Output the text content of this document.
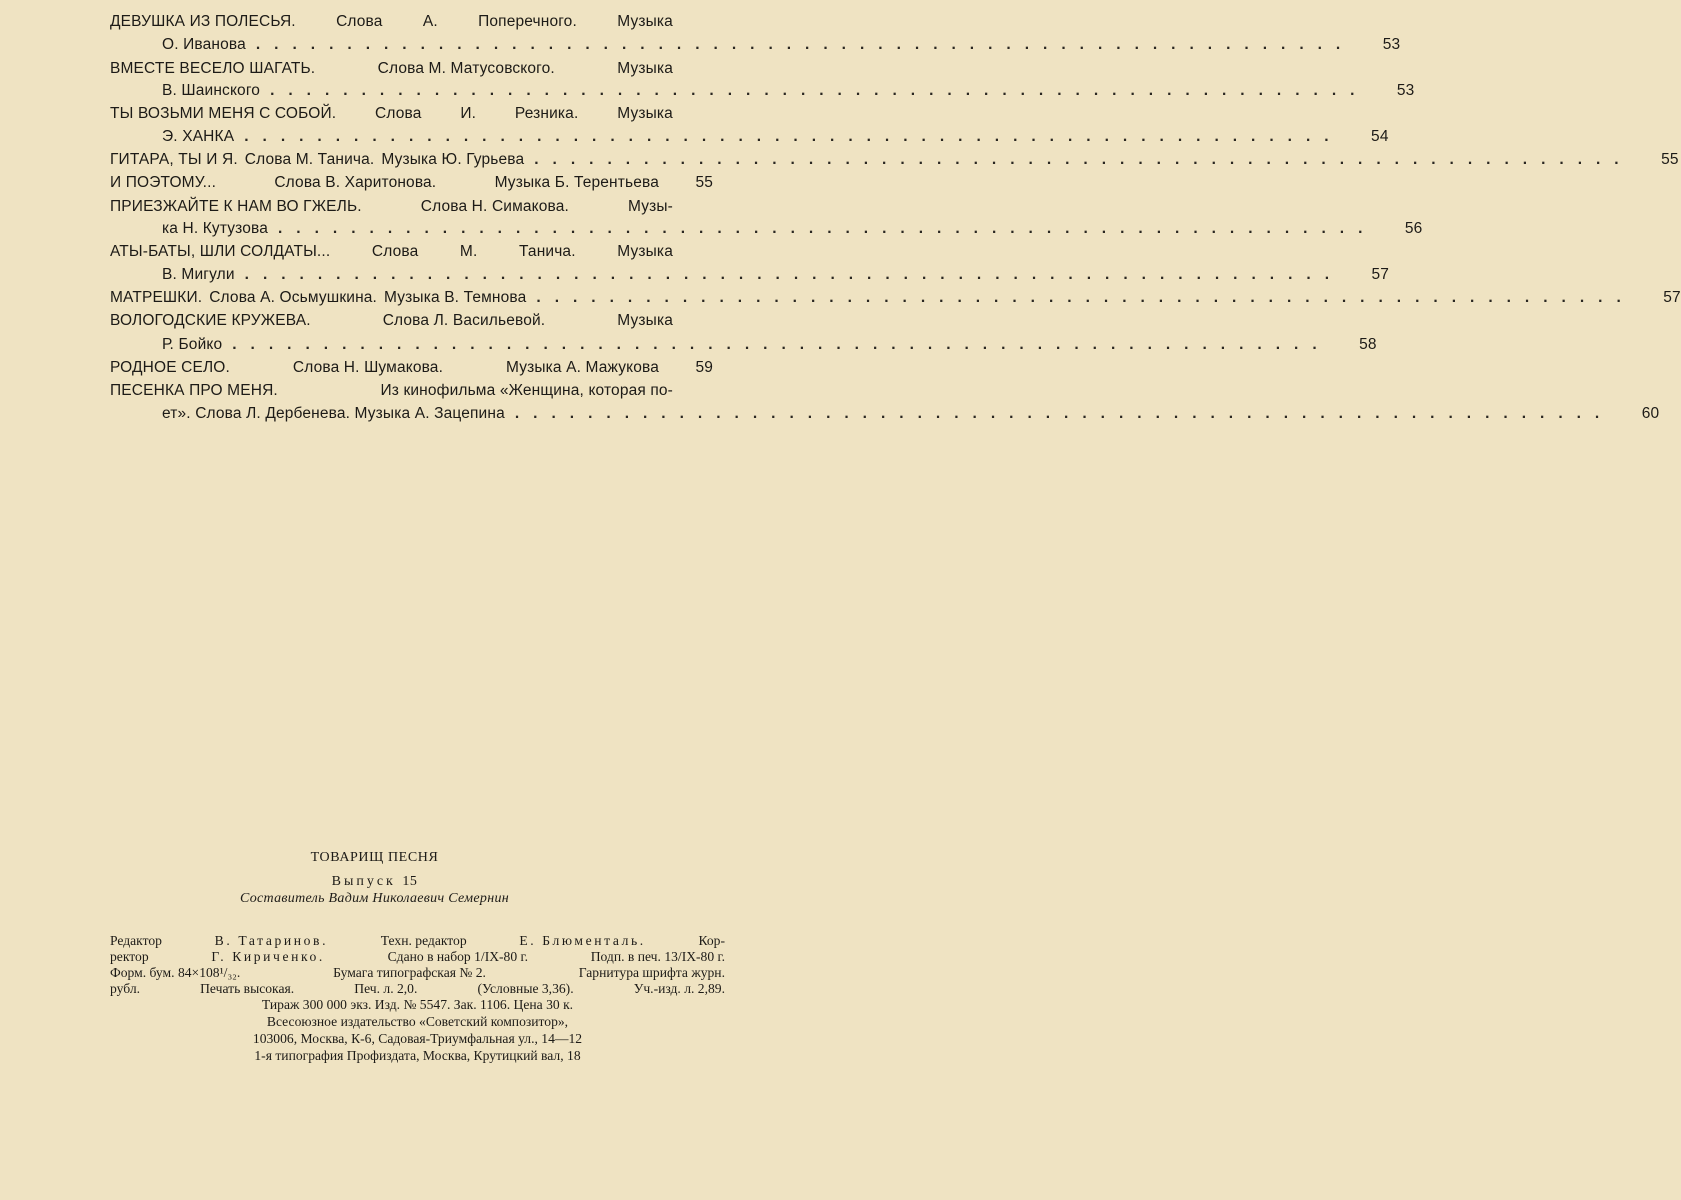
ДЕВУШКА ИЗ ПОЛЕСЬЯ.	Слова	А.	Поперечного.	Музыка
О. Иванова ............................................................	53
ВМЕСТЕ ВЕСЕЛО ШАГАТЬ.	Слова М. Матусовского.	Музыка
В. Шаинского ............................................................	53
ТЫ ВОЗЬМИ МЕНЯ С СОБОЙ.	Слова	И.	Резника.	Музыка
Э. ХАНКА ............................................................	54
ГИТАРА, ТЫ И Я. Слова М. Танича. Музыка Ю. Гурьева ............................................................	55
И ПОЭТОМУ...	Слова В. Харитонова.	Музыка Б. Терентьева	55
ПРИЕЗЖАЙТЕ К НАМ ВО ГЖЕЛЬ.	Слова Н. Симакова.	Музы-
ка Н. Кутузова ............................................................	56
АТЫ-БАТЫ, ШЛИ СОЛДАТЫ...	Слова	М.	Танича.	Музыка
В. Мигули ............................................................	57
МАТРЕШКИ. Слова А. Осьмушкина. Музыка В. Темнова ............................................................	57
ВОЛОГОДСКИЕ КРУЖЕВА.	Слова Л. Васильевой.	Музыка
Р. Бойко ............................................................	58
РОДНОЕ СЕЛО.	Слова Н. Шумакова.	Музыка А. Мажукова	59
ПЕСЕНКА ПРО МЕНЯ.	Из кинофильма «Женщина, которая по-
ет». Слова Л. Дербенева. Музыка А. Зацепина ............................................................	60
ТОВАРИЩ ПЕСНЯ
Выпуск 15
Составитель Вадим Николаевич Семернин
Редактор	В. Татаринов.	Техн. редактор	Е. Блюменталь.	Кор-
ректор	Г. Кириченко.	Сдано в набор 1/IX-80 г.	Подп. в печ. 13/IX-80 г.
Форм. бум. 84×108¹/₃₂.	Бумага типографская № 2.	Гарнитура шрифта журн.
рубл.	Печать высокая.	Печ. л. 2,0.	(Условные 3,36).	Уч.-изд. л. 2,89.
Тираж 300 000 экз. Изд. № 5547. Зак. 1106. Цена 30 к.
Всесоюзное издательство «Советский композитор»,
103006, Москва, К-6, Садовая-Триумфальная ул., 14—12
1-я типография Профиздата, Москва, Крутицкий вал, 18
